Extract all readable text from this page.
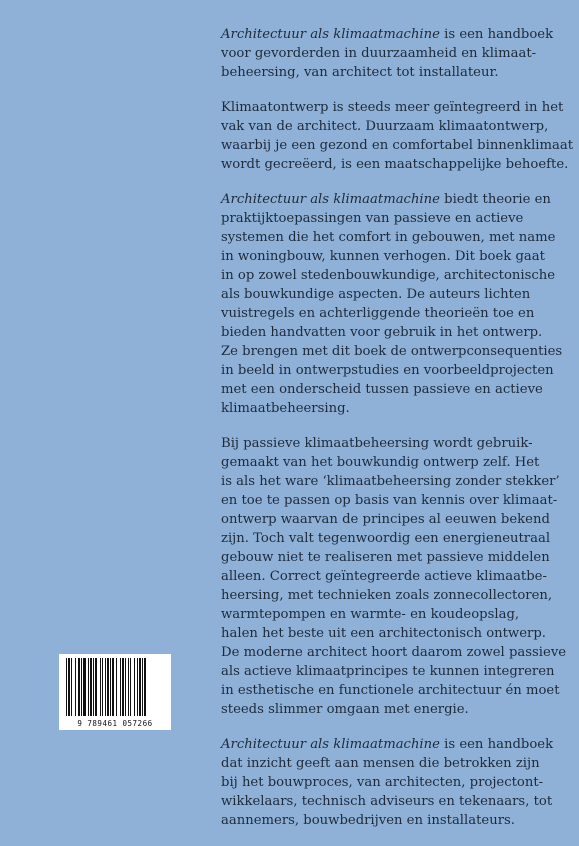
Architectuur als klimaatmachine is een handboek
voor gevorderden in duurzaamheid en klimaat-
beheersing, van architect tot installateur.

Klimaatontwerp is steeds meer geïntegreerd in het
vak van de architect. Duurzaam klimaatontwerp,
waarbij je een gezond en comfortabel binnenklimaat
wordt gecreëerd, is een maatschappelijke behoefte.

Architectuur als klimaatmachine biedt theorie en
praktijktoepassingen van passieve en actieve
systemen die het comfort in gebouwen, met name
in woningbouw, kunnen verhogen. Dit boek gaat
in op zowel stedenbouwkundige, architectonische
als bouwkundige aspecten. De auteurs lichten
vuistregels en achterliggende theorieën toe en
bieden handvatten voor gebruik in het ontwerp.
Ze brengen met dit boek de ontwerpconsequenties
in beeld in ontwerpstudies en voorbeeldprojecten
met een onderscheid tussen passieve en actieve
klimaatbeheersing.

Bij passieve klimaatbeheersing wordt gebruik-
gemaakt van het bouwkundig ontwerp zelf. Het
is als het ware ‘klimaatbeheersing zonder stekker’
en toe te passen op basis van kennis over klimaat-
ontwerp waarvan de principes al eeuwen bekend
zijn. Toch valt tegenwoordig een energieneutraal
gebouw niet te realiseren met passieve middelen
alleen. Correct geïntegreerde actieve klimaatbe-
heersing, met technieken zoals zonnecollectoren,
warmtepompen en warmte- en koudeopslag,
halen het beste uit een architectonisch ontwerp.
De moderne architect hoort daarom zowel passieve
als actieve klimaatprincipes te kunnen integreren
in esthetische en functionele architectuur én moet
steeds slimmer omgaan met energie.

Architectuur als klimaatmachine is een handboek
dat inzicht geeft aan mensen die betrokken zijn
bij het bouwproces, van architecten, projectont-
wikkelaars, technisch adviseurs en tekenaars, tot
aannemers, bouwbedrijven en installateurs.

9 789461 057266
